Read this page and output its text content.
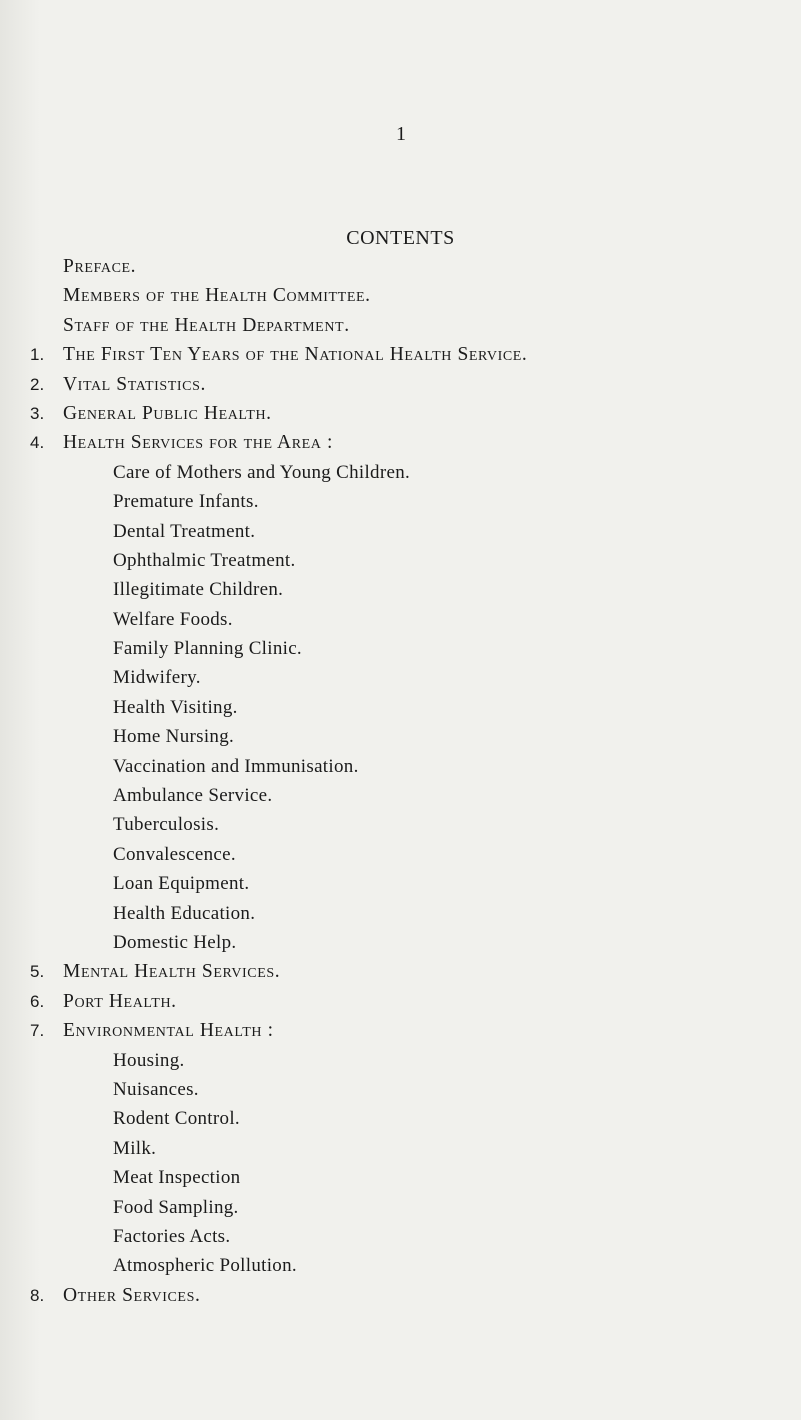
1
CONTENTS
Preface.
Members of the Health Committee.
Staff of the Health Department.
1. The First Ten Years of the National Health Service.
2. Vital Statistics.
3. General Public Health.
4. Health Services for the Area :
Care of Mothers and Young Children.
Premature Infants.
Dental Treatment.
Ophthalmic Treatment.
Illegitimate Children.
Welfare Foods.
Family Planning Clinic.
Midwifery.
Health Visiting.
Home Nursing.
Vaccination and Immunisation.
Ambulance Service.
Tuberculosis.
Convalescence.
Loan Equipment.
Health Education.
Domestic Help.
5. Mental Health Services.
6. Port Health.
7. Environmental Health :
Housing.
Nuisances.
Rodent Control.
Milk.
Meat Inspection
Food Sampling.
Factories Acts.
Atmospheric Pollution.
8. Other Services.
